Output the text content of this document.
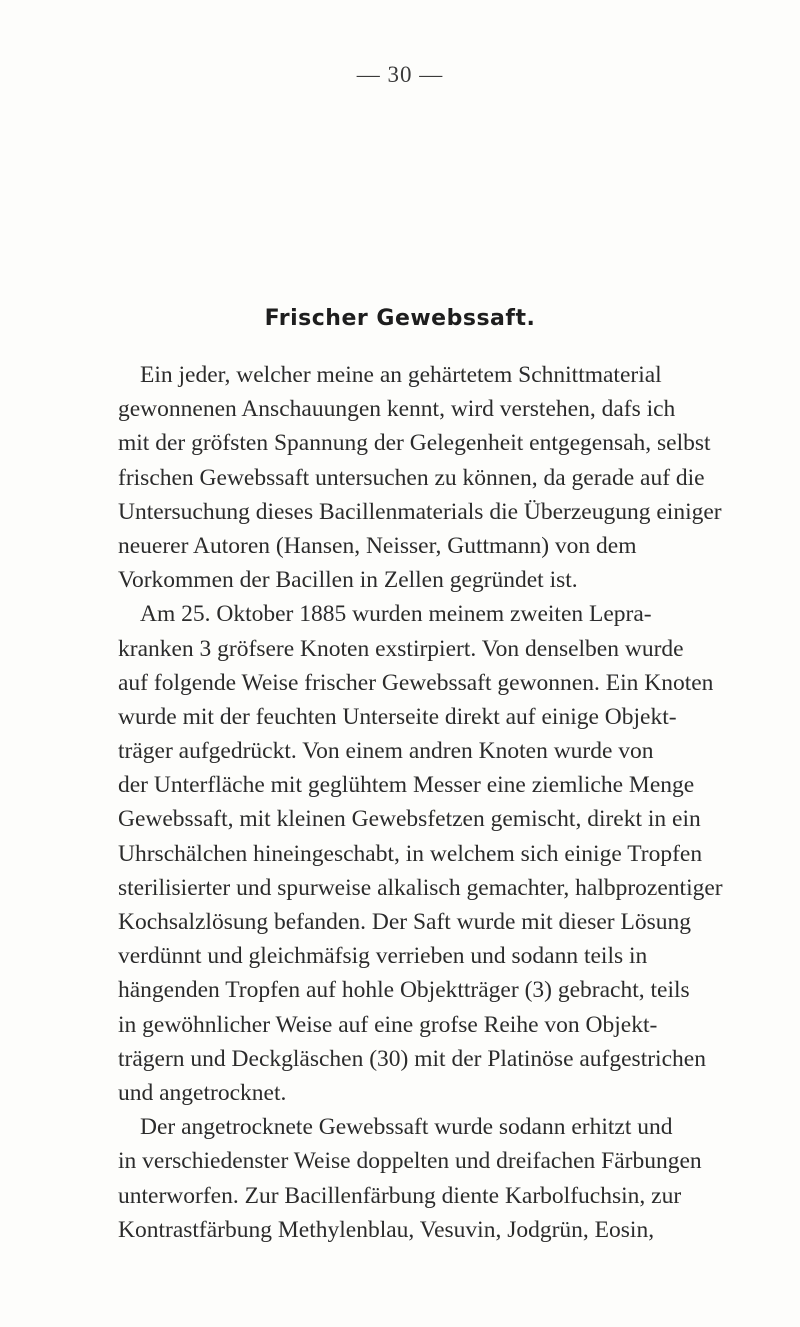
— 30 —
Frischer Gewebssaft.
Ein jeder, welcher meine an gehärtetem Schnittmaterial
gewonnenen Anschauungen kennt, wird verstehen, dafs ich
mit der gröfsten Spannung der Gelegenheit entgegensah, selbst
frischen Gewebssaft untersuchen zu können, da gerade auf die
Untersuchung dieses Bacillenmaterials die Überzeugung einiger
neuerer Autoren (Hansen, Neisser, Guttmann) von dem
Vorkommen der Bacillen in Zellen gegründet ist.
Am 25. Oktober 1885 wurden meinem zweiten Lepra-
kranken 3 gröfsere Knoten exstirpiert. Von denselben wurde
auf folgende Weise frischer Gewebssaft gewonnen. Ein Knoten
wurde mit der feuchten Unterseite direkt auf einige Objekt-
träger aufgedrückt. Von einem andren Knoten wurde von
der Unterfläche mit geglühtem Messer eine ziemliche Menge
Gewebssaft, mit kleinen Gewebsfetzen gemischt, direkt in ein
Uhrschälchen hineingeschabt, in welchem sich einige Tropfen
sterilisierter und spurweise alkalisch gemachter, halbprozentiger
Kochsalzlösung befanden. Der Saft wurde mit dieser Lösung
verdünnt und gleichmäfsig verrieben und sodann teils in
hängenden Tropfen auf hohle Objektträger (3) gebracht, teils
in gewöhnlicher Weise auf eine grofse Reihe von Objekt-
trägern und Deckgläschen (30) mit der Platinöse aufgestrichen
und angetrocknet.
Der angetrocknete Gewebssaft wurde sodann erhitzt und
in verschiedenster Weise doppelten und dreifachen Färbungen
unterworfen. Zur Bacillenfärbung diente Karbolfuchsin, zur
Kontrastfärbung Methylenblau, Vesuvin, Jodgrün, Eosin,
